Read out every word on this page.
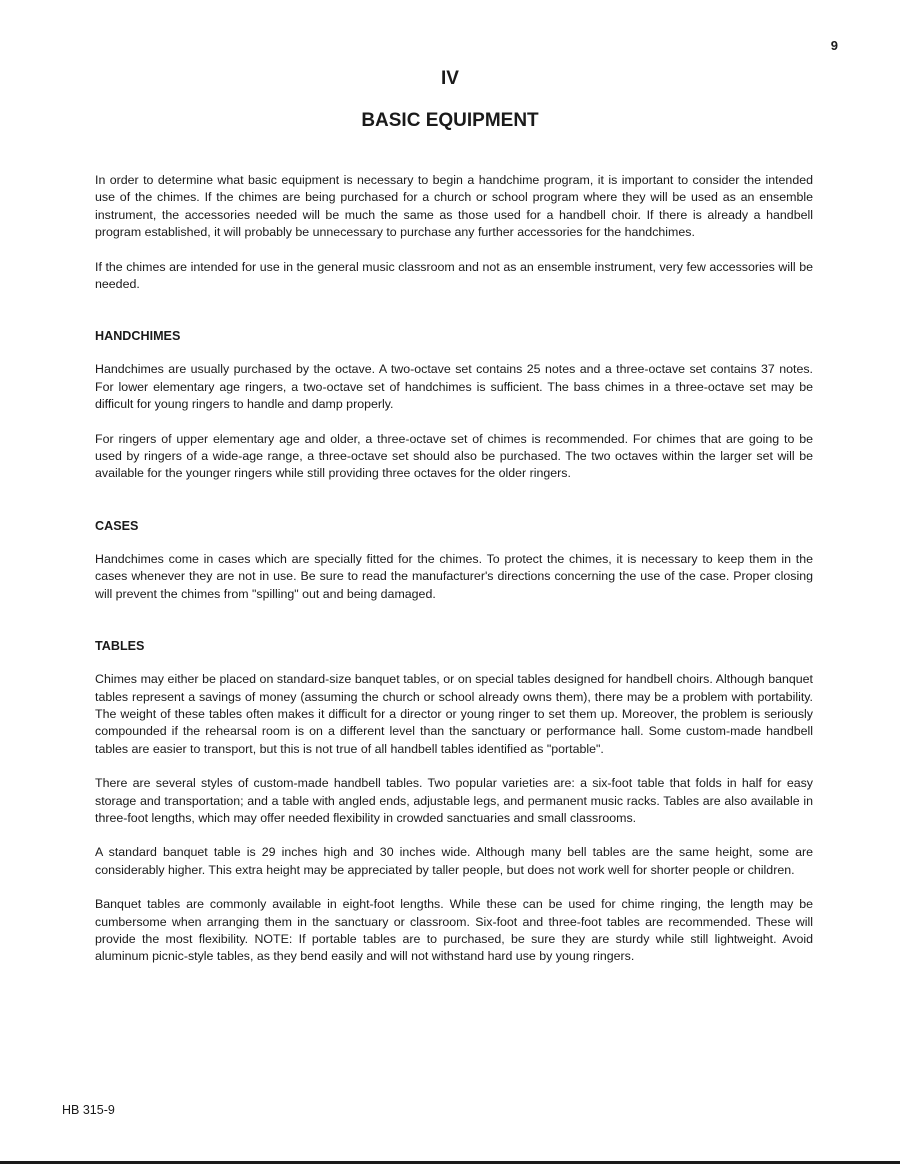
9
IV
BASIC EQUIPMENT

In order to determine what basic equipment is necessary to begin a handchime program, it is important to consider the intended use of the chimes. If the chimes are being purchased for a church or school program where they will be used as an ensemble instrument, the accessories needed will be much the same as those used for a handbell choir. If there is already a handbell program established, it will probably be unnecessary to purchase any further accessories for the handchimes.

If the chimes are intended for use in the general music classroom and not as an ensemble instrument, very few accessories will be needed.

HANDCHIMES

Handchimes are usually purchased by the octave. A two-octave set contains 25 notes and a three-octave set contains 37 notes. For lower elementary age ringers, a two-octave set of handchimes is sufficient. The bass chimes in a three-octave set may be difficult for young ringers to handle and damp properly.

For ringers of upper elementary age and older, a three-octave set of chimes is recommended. For chimes that are going to be used by ringers of a wide-age range, a three-octave set should also be purchased. The two octaves within the larger set will be available for the younger ringers while still providing three octaves for the older ringers.

CASES

Handchimes come in cases which are specially fitted for the chimes. To protect the chimes, it is necessary to keep them in the cases whenever they are not in use. Be sure to read the manufacturer's directions concerning the use of the case. Proper closing will prevent the chimes from "spilling" out and being damaged.

TABLES

Chimes may either be placed on standard-size banquet tables, or on special tables designed for handbell choirs. Although banquet tables represent a savings of money (assuming the church or school already owns them), there may be a problem with portability. The weight of these tables often makes it difficult for a director or young ringer to set them up. Moreover, the problem is seriously compounded if the rehearsal room is on a different level than the sanctuary or performance hall. Some custom-made handbell tables are easier to transport, but this is not true of all handbell tables identified as "portable".

There are several styles of custom-made handbell tables. Two popular varieties are: a six-foot table that folds in half for easy storage and transportation; and a table with angled ends, adjustable legs, and permanent music racks. Tables are also available in three-foot lengths, which may offer needed flexibility in crowded sanctuaries and small classrooms.

A standard banquet table is 29 inches high and 30 inches wide. Although many bell tables are the same height, some are considerably higher. This extra height may be appreciated by taller people, but does not work well for shorter people or children.

Banquet tables are commonly available in eight-foot lengths. While these can be used for chime ringing, the length may be cumbersome when arranging them in the sanctuary or classroom. Six-foot and three-foot tables are recommended. These will provide the most flexibility. NOTE: If portable tables are to purchased, be sure they are sturdy while still lightweight. Avoid aluminum picnic-style tables, as they bend easily and will not withstand hard use by young ringers.

HB 315-9
